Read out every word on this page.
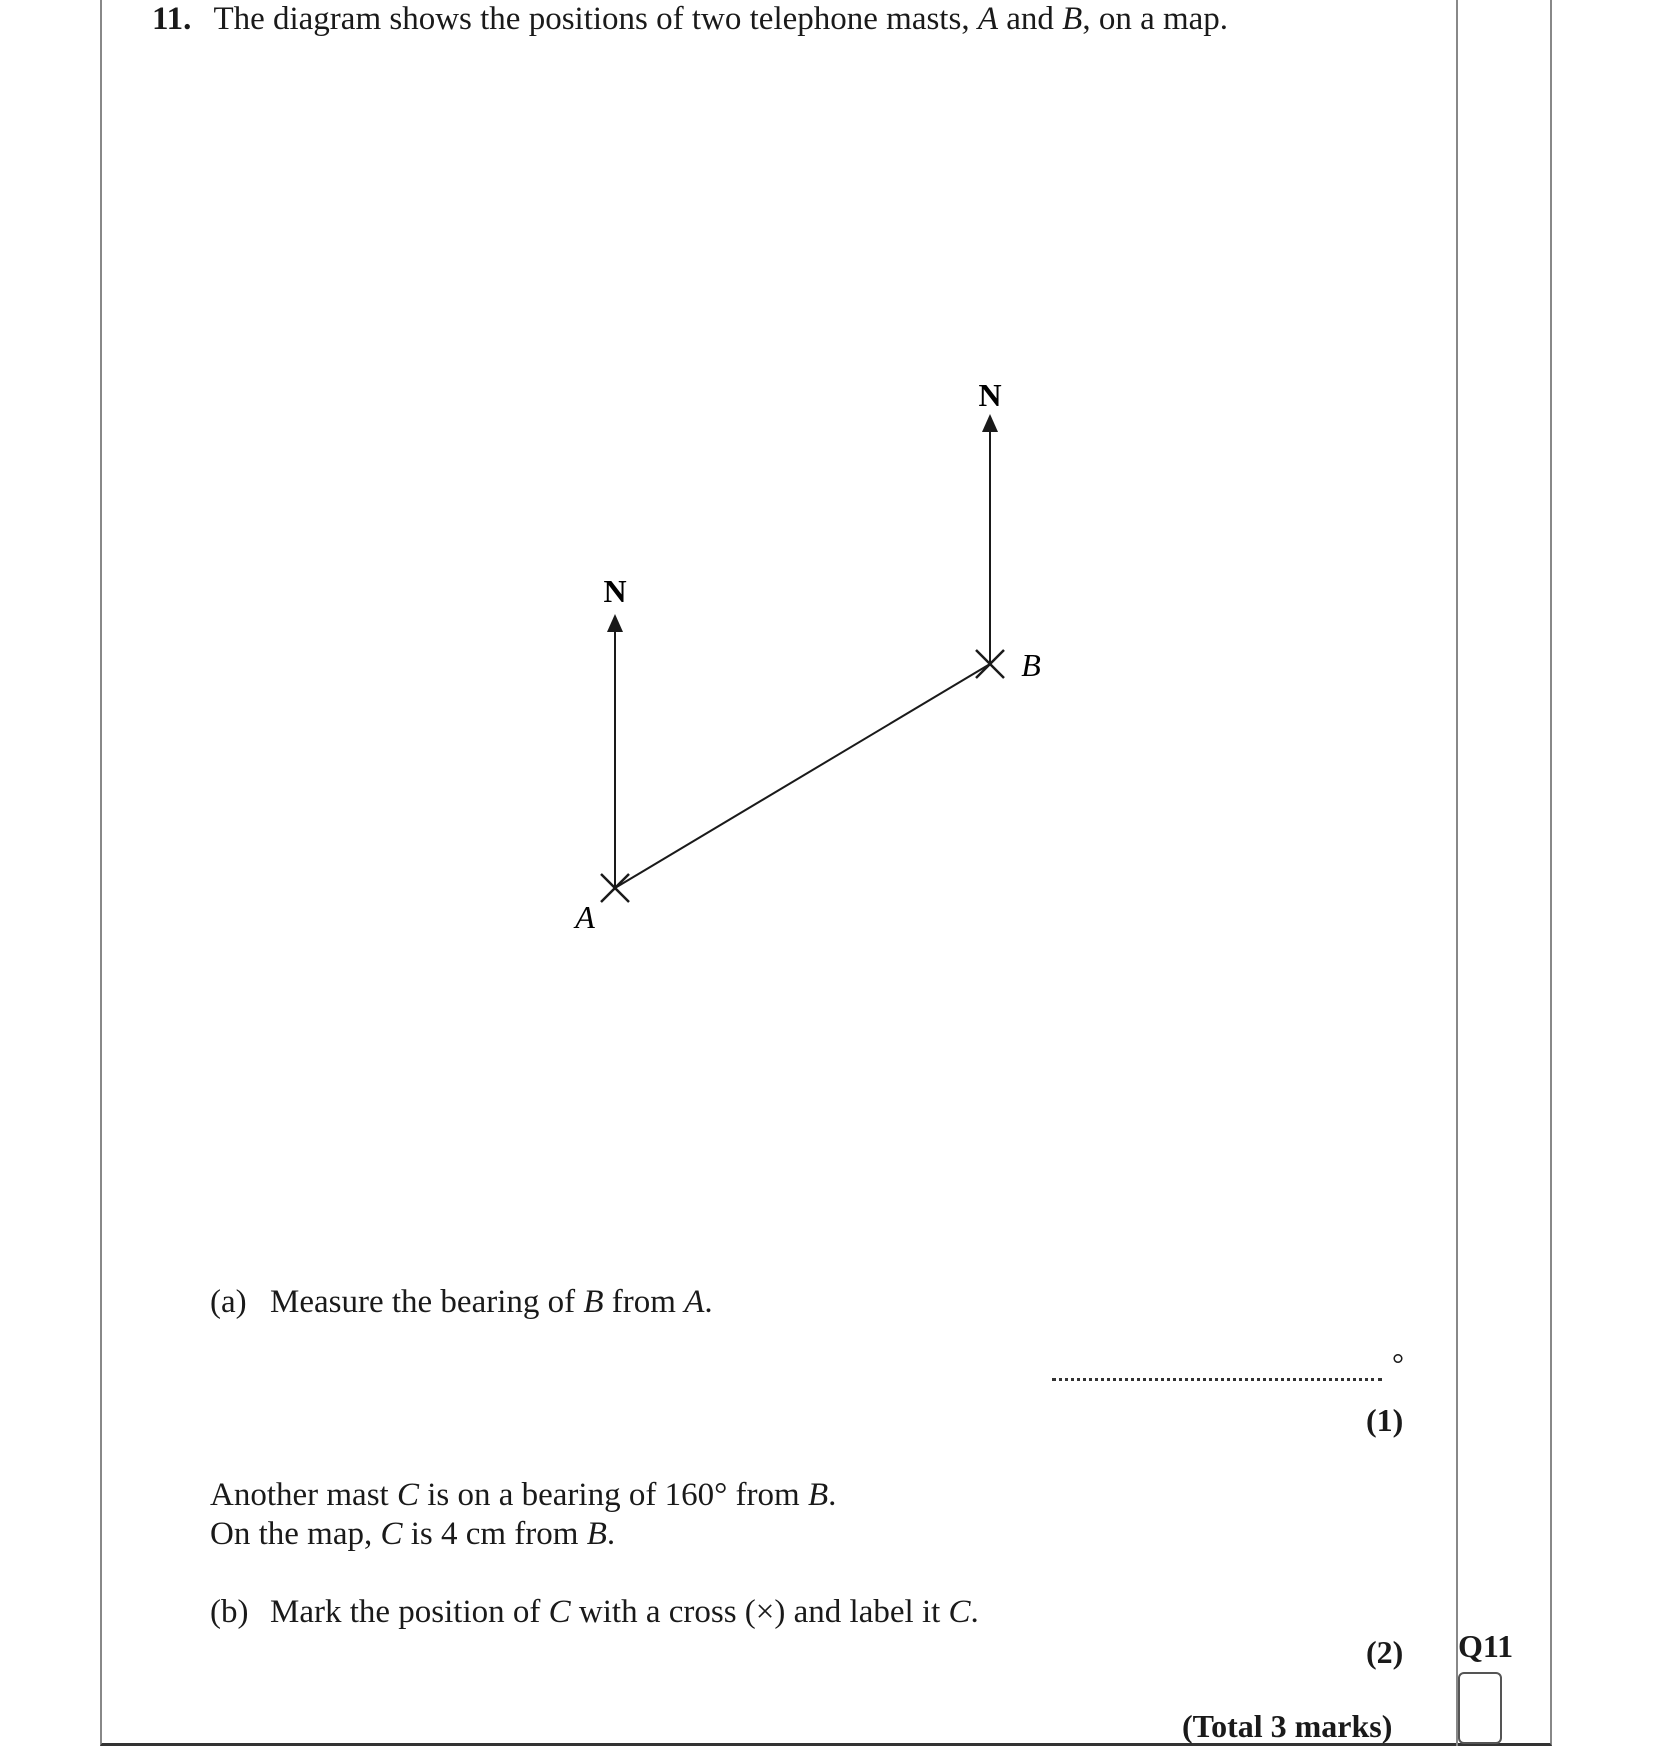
11. The diagram shows the positions of two telephone masts, A and B, on a map.
N
N
A
B
(a) Measure the bearing of B from A.
°
(1)
Another mast C is on a bearing of 160° from B.
On the map, C is 4 cm from B.
(b) Mark the position of C with a cross (×) and label it C.
(2)
(Total 3 marks)
Q11
